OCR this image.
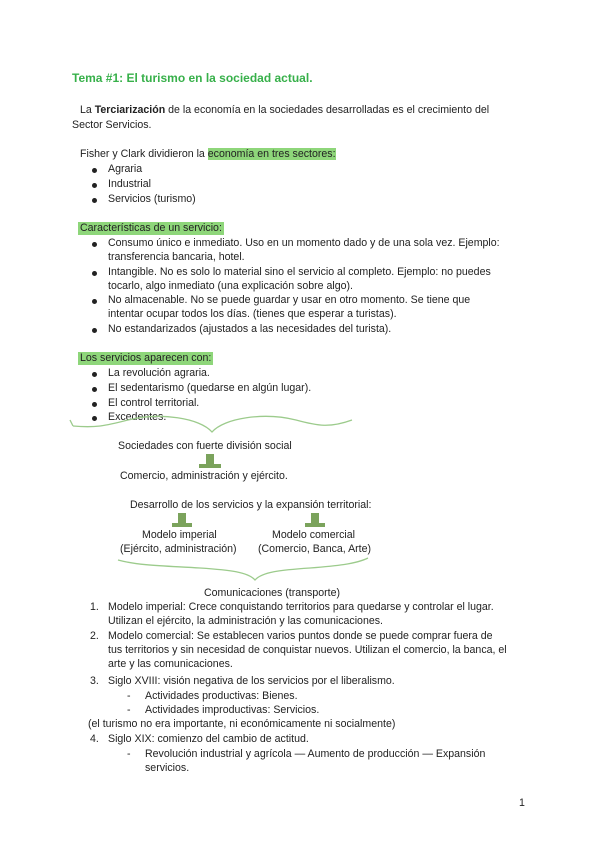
Tema #1: El turismo en la sociedad actual.
La Terciarización de la economía en la sociedades desarrolladas es el crecimiento del
Sector Servicios.
Fisher y Clark dividieron la economía en tres sectores:
Agraria
Industrial
Servicios (turismo)
Características de un servicio:
Consumo único e inmediato. Uso en un momento dado y de una sola vez. Ejemplo:
transferencia bancaria, hotel.
Intangible. No es solo lo material sino el servicio al completo. Ejemplo: no puedes
tocarlo, algo inmediato (una explicación sobre algo).
No almacenable. No se puede guardar y usar en otro momento. Se tiene que
intentar ocupar todos los días. (tienes que esperar a turistas).
No estandarizados (ajustados a las necesidades del turista).
Los servicios aparecen con:
La revolución agraria.
El sedentarismo (quedarse en algún lugar).
El control territorial.
Excedentes.
Sociedades con fuerte división social
Comercio, administración y ejército.
Desarrollo de los servicios y la expansión territorial:
Modelo imperial
(Ejército, administración)
Modelo comercial
(Comercio, Banca, Arte)
Comunicaciones (transporte)
1. Modelo imperial: Crece conquistando territorios para quedarse y controlar el lugar.
Utilizan el ejército, la administración y las comunicaciones.
2. Modelo comercial: Se establecen varios puntos donde se puede comprar fuera de
tus territorios y sin necesidad de conquistar nuevos. Utilizan el comercio, la banca, el
arte y las comunicaciones.
3. Siglo XVIII: visión negativa de los servicios por el liberalismo.
- Actividades productivas: Bienes.
- Actividades improductivas: Servicios.
(el turismo no era importante, ni económicamente ni socialmente)
4. Siglo XIX: comienzo del cambio de actitud.
- Revolución industrial y agrícola — Aumento de producción — Expansión
servicios.
1
